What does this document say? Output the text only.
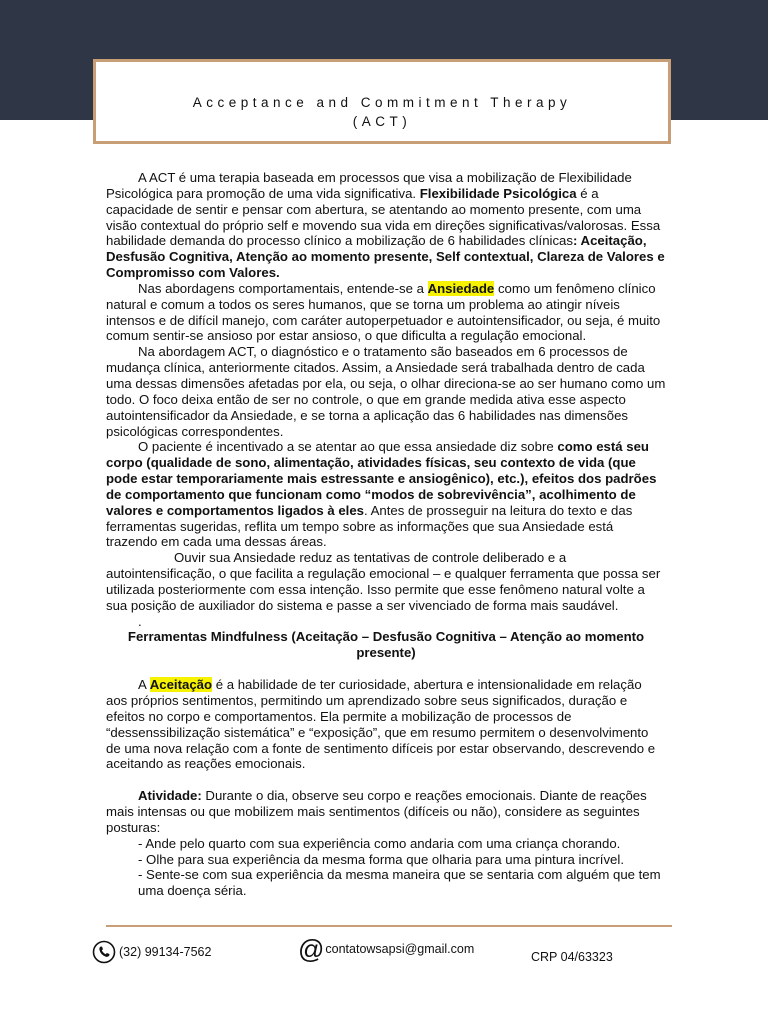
Acceptance and Commitment Therapy
(ACT)

A ACT é uma terapia baseada em processos que visa a mobilização de Flexibilidade Psicológica para promoção de uma vida significativa. Flexibilidade Psicológica é a capacidade de sentir e pensar com abertura, se atentando ao momento presente, com uma visão contextual do próprio self e movendo sua vida em direções significativas/valorosas. Essa habilidade demanda do processo clínico a mobilização de 6 habilidades clínicas: Aceitação, Desfusão Cognitiva, Atenção ao momento presente, Self contextual, Clareza de Valores e Compromisso com Valores.

Nas abordagens comportamentais, entende-se a Ansiedade como um fenômeno clínico natural e comum a todos os seres humanos, que se torna um problema ao atingir níveis intensos e de difícil manejo, com caráter autoperpetuador e autointensificador, ou seja, é muito comum sentir-se ansioso por estar ansioso, o que dificulta a regulação emocional.

Na abordagem ACT, o diagnóstico e o tratamento são baseados em 6 processos de mudança clínica, anteriormente citados. Assim, a Ansiedade será trabalhada dentro de cada uma dessas dimensões afetadas por ela, ou seja, o olhar direciona-se ao ser humano como um todo. O foco deixa então de ser no controle, o que em grande medida ativa esse aspecto autointensificador da Ansiedade, e se torna a aplicação das 6 habilidades nas dimensões psicológicas correspondentes.

O paciente é incentivado a se atentar ao que essa ansiedade diz sobre como está seu corpo (qualidade de sono, alimentação, atividades físicas, seu contexto de vida (que pode estar temporariamente mais estressante e ansiogênico), etc.), efeitos dos padrões de comportamento que funcionam como “modos de sobrevivência”, acolhimento de valores e comportamentos ligados à eles. Antes de prosseguir na leitura do texto e das ferramentas sugeridas, reflita um tempo sobre as informações que sua Ansiedade está trazendo em cada uma dessas áreas.

Ouvir sua Ansiedade reduz as tentativas de controle deliberado e a autointensificação, o que facilita a regulação emocional – e qualquer ferramenta que possa ser utilizada posteriormente com essa intenção. Isso permite que esse fenômeno natural volte a sua posição de auxiliador do sistema e passe a ser vivenciado de forma mais saudável.

.

Ferramentas Mindfulness (Aceitação – Desfusão Cognitiva – Atenção ao momento presente)

A Aceitação é a habilidade de ter curiosidade, abertura e intensionalidade em relação aos próprios sentimentos, permitindo um aprendizado sobre seus significados, duração e efeitos no corpo e comportamentos. Ela permite a mobilização de processos de “dessenssibilização sistemática” e “exposição”, que em resumo permitem o desenvolvimento de uma nova relação com a fonte de sentimento difíceis por estar observando, descrevendo e aceitando as reações emocionais.

Atividade: Durante o dia, observe seu corpo e reações emocionais. Diante de reações mais intensas ou que mobilizem mais sentimentos (difíceis ou não), considere as seguintes posturas:

- Ande pelo quarto com sua experiência como andaria com uma criança chorando.

- Olhe para sua experiência da mesma forma que olharia para uma pintura incrível.

- Sente-se com sua experiência da mesma maneira que se sentaria com alguém que tem uma doença séria.

(32) 99134-7562	@ contatowsapsi@gmail.com
CRP 04/63323
